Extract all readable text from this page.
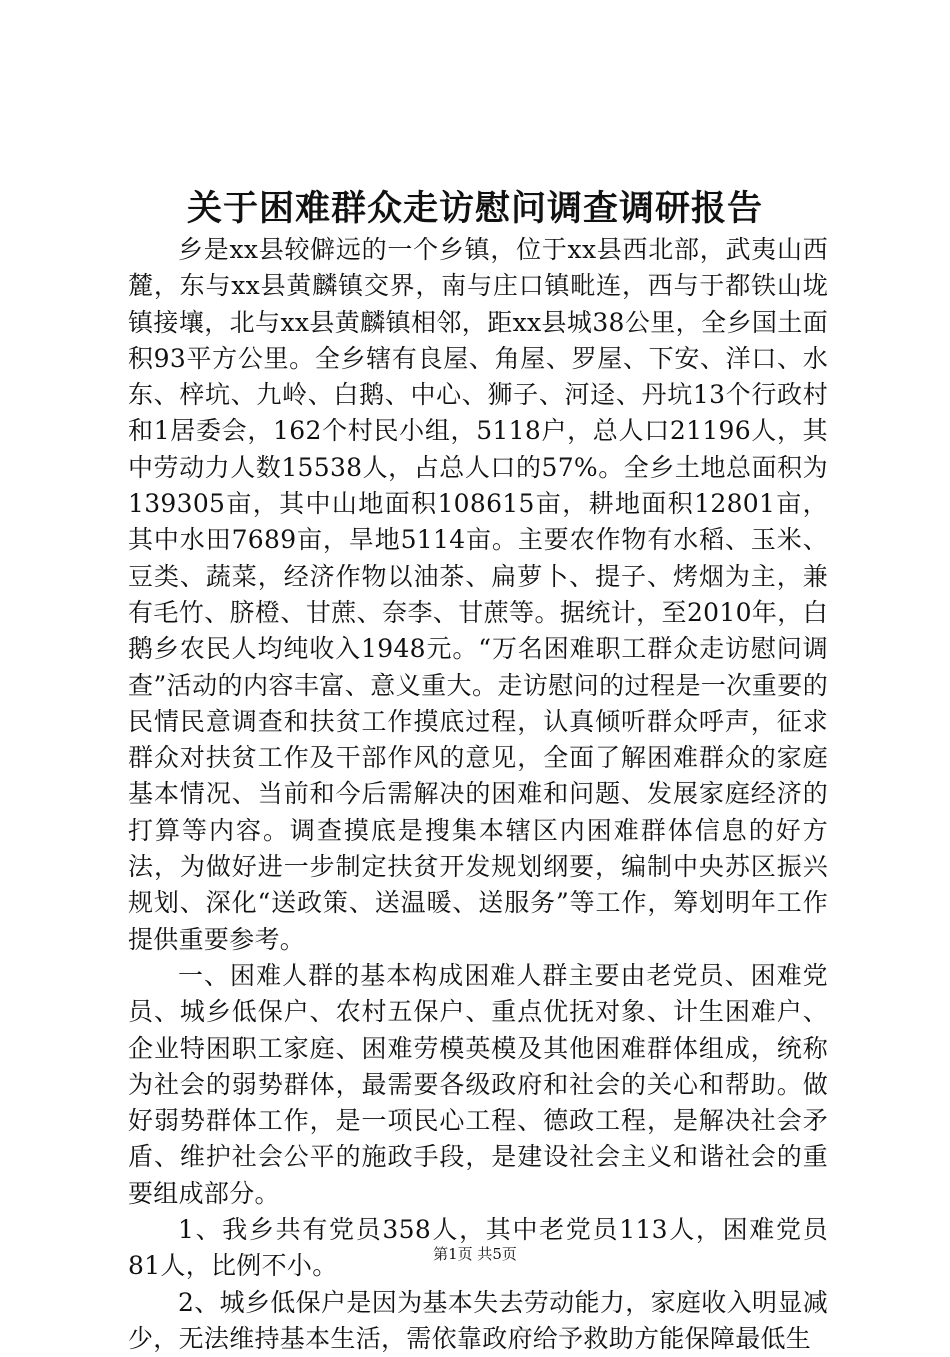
关于困难群众走访慰问调查调研报告

乡是xx县较僻远的一个乡镇，位于xx县西北部，武夷山西麓，东与xx县黄麟镇交界，南与庄口镇毗连，西与于都铁山垅镇接壤，北与xx县黄麟镇相邻，距xx县城38公里，全乡国土面积93平方公里。全乡辖有良屋、角屋、罗屋、下安、洋口、水东、梓坑、九岭、白鹅、中心、狮子、河迳、丹坑13个行政村和1居委会，162个村民小组，5118户，总人口21196人，其中劳动力人数15538人，占总人口的57%。全乡土地总面积为139305亩，其中山地面积108615亩，耕地面积12801亩，其中水田7689亩，旱地5114亩。主要农作物有水稻、玉米、豆类、蔬菜，经济作物以油茶、扁萝卜、提子、烤烟为主，兼有毛竹、脐橙、甘蔗、奈李、甘蔗等。据统计，至2010年，白鹅乡农民人均纯收入1948元。“万名困难职工群众走访慰问调查”活动的内容丰富、意义重大。走访慰问的过程是一次重要的民情民意调查和扶贫工作摸底过程，认真倾听群众呼声，征求群众对扶贫工作及干部作风的意见，全面了解困难群众的家庭基本情况、当前和今后需解决的困难和问题、发展家庭经济的打算等内容。调查摸底是搜集本辖区内困难群体信息的好方法，为做好进一步制定扶贫开发规划纲要，编制中央苏区振兴规划、深化“送政策、送温暖、送服务”等工作，筹划明年工作提供重要参考。

一、困难人群的基本构成困难人群主要由老党员、困难党员、城乡低保户、农村五保户、重点优抚对象、计生困难户、企业特困职工家庭、困难劳模英模及其他困难群体组成，统称为社会的弱势群体，最需要各级政府和社会的关心和帮助。做好弱势群体工作，是一项民心工程、德政工程，是解决社会矛盾、维护社会公平的施政手段，是建设社会主义和谐社会的重要组成部分。

1、我乡共有党员358人，其中老党员113人，困难党员81人，比例不小。

2、城乡低保户是因为基本失去劳动能力，家庭收入明显减少，无法维持基本生活，需依靠政府给予救助方能保障最低生

第1页 共5页
